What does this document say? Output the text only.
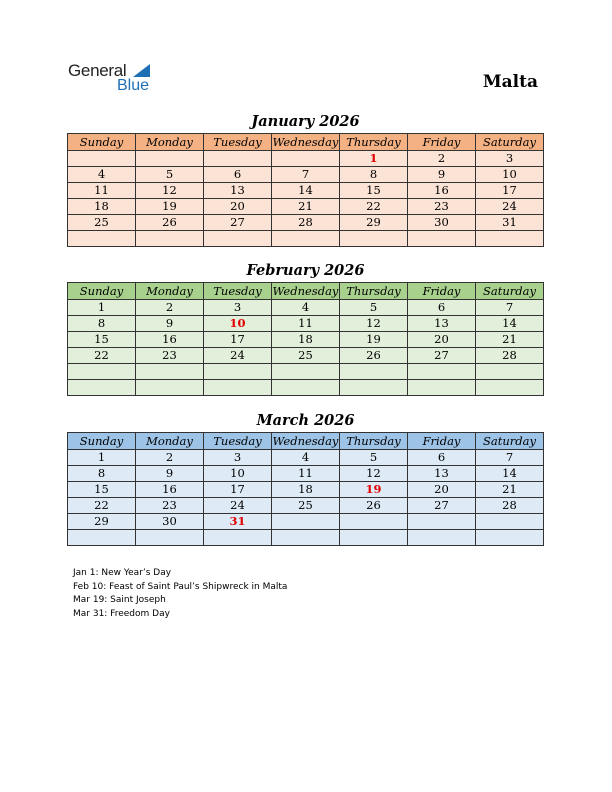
General
Blue	Malta
January 2026
Sunday	Monday	Tuesday	Wednesday	Thursday	Friday	Saturday
				1	2	3
4	5	6	7	8	9	10
11	12	13	14	15	16	17
18	19	20	21	22	23	24
25	26	27	28	29	30	31

February 2026
Sunday	Monday	Tuesday	Wednesday	Thursday	Friday	Saturday
1	2	3	4	5	6	7
8	9	10	11	12	13	14
15	16	17	18	19	20	21
22	23	24	25	26	27	28

March 2026
Sunday	Monday	Tuesday	Wednesday	Thursday	Friday	Saturday
1	2	3	4	5	6	7
8	9	10	11	12	13	14
15	16	17	18	19	20	21
22	23	24	25	26	27	28
29	30	31				

Jan 1: New Year’s Day
Feb 10: Feast of Saint Paul’s Shipwreck in Malta
Mar 19: Saint Joseph
Mar 31: Freedom Day
